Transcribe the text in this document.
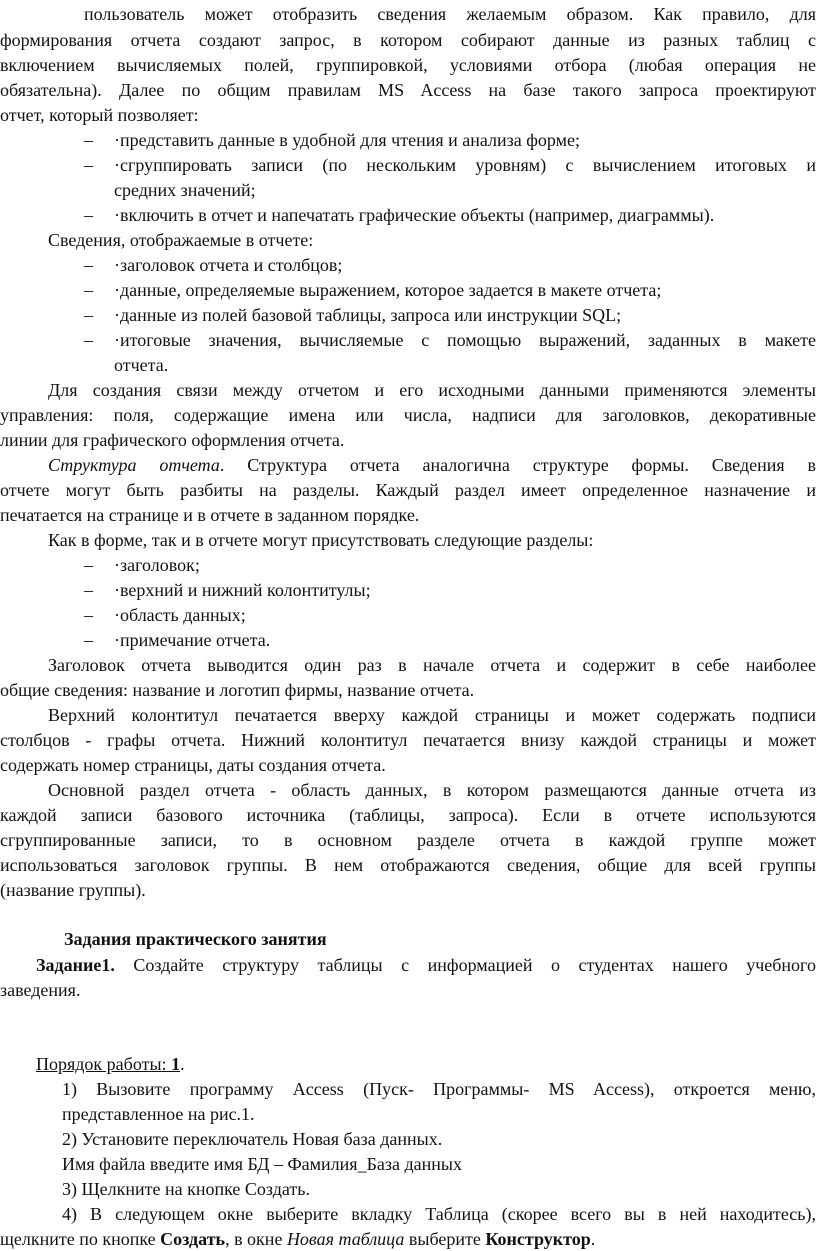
пользователь может отобразить сведения желаемым образом. Как правило, для
формирования отчета создают запрос, в котором собирают данные из разных таблиц с
включением вычисляемых полей, группировкой, условиями отбора (любая операция не
обязательна). Далее по общим правилам MS Access на базе такого запроса проектируют
отчет, который позволяет:
– ·представить данные в удобной для чтения и анализа форме;
– ·сгруппировать записи (по нескольким уровням) с вычислением итоговых и
средних значений;
– ·включить в отчет и напечатать графические объекты (например, диаграммы).
Сведения, отображаемые в отчете:
– ·заголовок отчета и столбцов;
– ·данные, определяемые выражением, которое задается в макете отчета;
– ·данные из полей базовой таблицы, запроса или инструкции SQL;
– ·итоговые значения, вычисляемые с помощью выражений, заданных в макете
отчета.
Для создания связи между отчетом и его исходными данными применяются элементы
управления: поля, содержащие имена или числа, надписи для заголовков, декоративные
линии для графического оформления отчета.
Структура отчета. Структура отчета аналогична структуре формы. Сведения в
отчете могут быть разбиты на разделы. Каждый раздел имеет определенное назначение и
печатается на странице и в отчете в заданном порядке.
Как в форме, так и в отчете могут присутствовать следующие разделы:
– ·заголовок;
– ·верхний и нижний колонтитулы;
– ·область данных;
– ·примечание отчета.
Заголовок отчета выводится один раз в начале отчета и содержит в себе наиболее
общие сведения: название и логотип фирмы, название отчета.
Верхний колонтитул печатается вверху каждой страницы и может содержать подписи
столбцов - графы отчета. Нижний колонтитул печатается внизу каждой страницы и может
содержать номер страницы, даты создания отчета.
Основной раздел отчета - область данных, в котором размещаются данные отчета из
каждой записи базового источника (таблицы, запроса). Если в отчете используются
сгруппированные записи, то в основном разделе отчета в каждой группе может
использоваться заголовок группы. В нем отображаются сведения, общие для всей группы
(название группы).
Задания практического занятия
Задание1. Создайте структуру таблицы с информацией о студентах нашего учебного
заведения.
Порядок работы: 1.
1) Вызовите программу Access (Пуск- Программы- MS Access), откроется меню,
представленное на рис.1.
2) Установите переключатель Новая база данных.
Имя файла введите имя БД – Фамилия_База данных
3) Щелкните на кнопке Создать.
4) В следующем окне выберите вкладку Таблица (скорее всего вы в ней находитесь),
щелкните по кнопке Создать, в окне Новая таблица выберите Конструктор.
